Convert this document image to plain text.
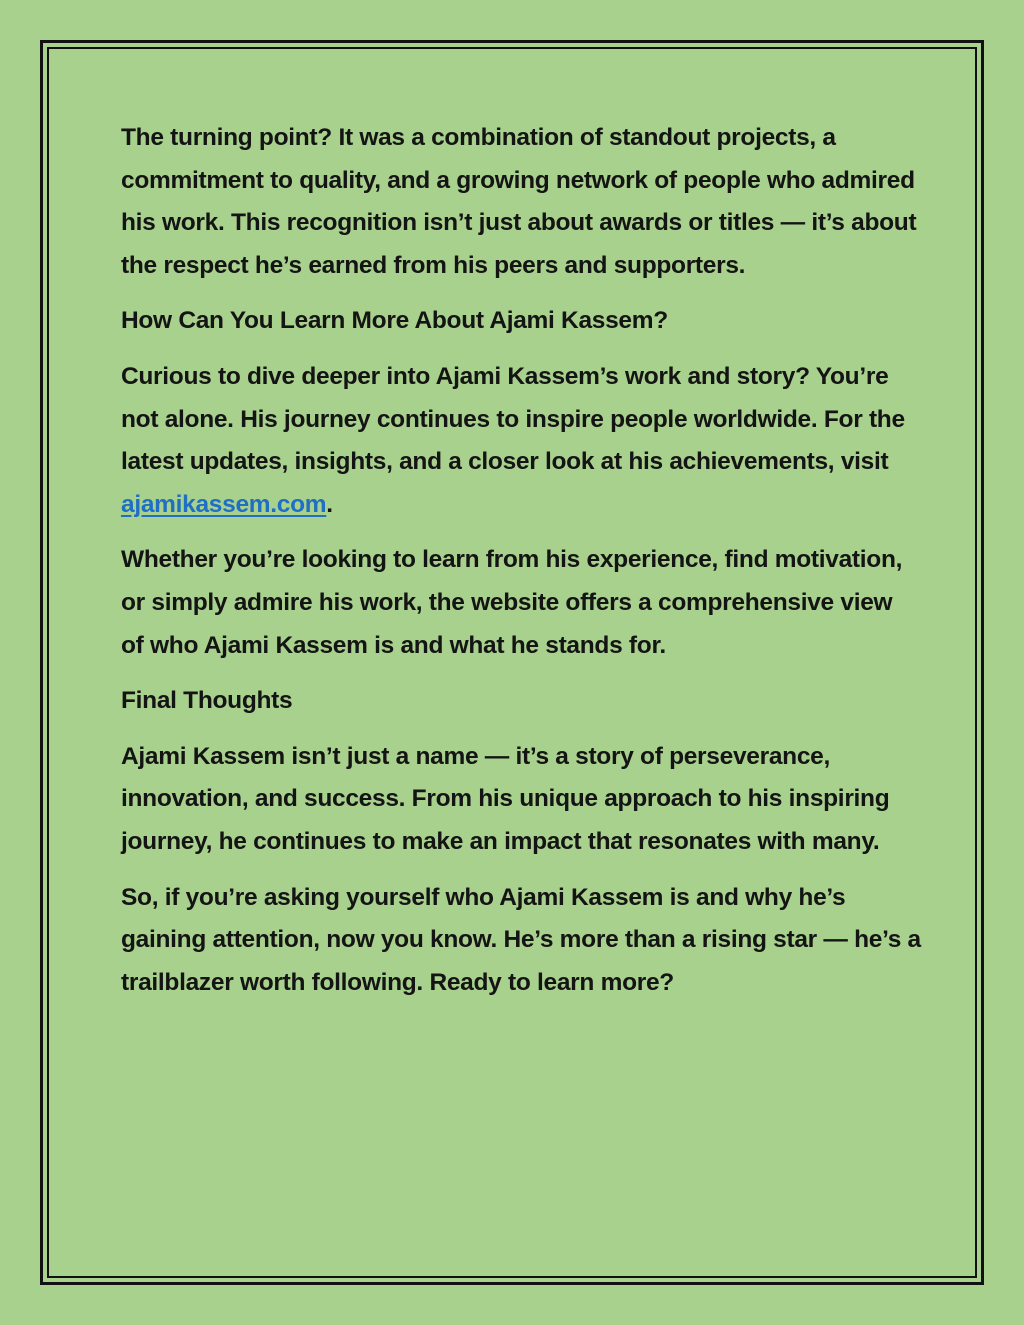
The turning point? It was a combination of standout projects, a commitment to quality, and a growing network of people who admired his work. This recognition isn’t just about awards or titles — it’s about the respect he’s earned from his peers and supporters.

How Can You Learn More About Ajami Kassem?

Curious to dive deeper into Ajami Kassem’s work and story? You’re not alone. His journey continues to inspire people worldwide. For the latest updates, insights, and a closer look at his achievements, visit ajamikassem.com.

Whether you’re looking to learn from his experience, find motivation, or simply admire his work, the website offers a comprehensive view of who Ajami Kassem is and what he stands for.

Final Thoughts

Ajami Kassem isn’t just a name — it’s a story of perseverance, innovation, and success. From his unique approach to his inspiring journey, he continues to make an impact that resonates with many.

So, if you’re asking yourself who Ajami Kassem is and why he’s gaining attention, now you know. He’s more than a rising star — he’s a trailblazer worth following. Ready to learn more?
